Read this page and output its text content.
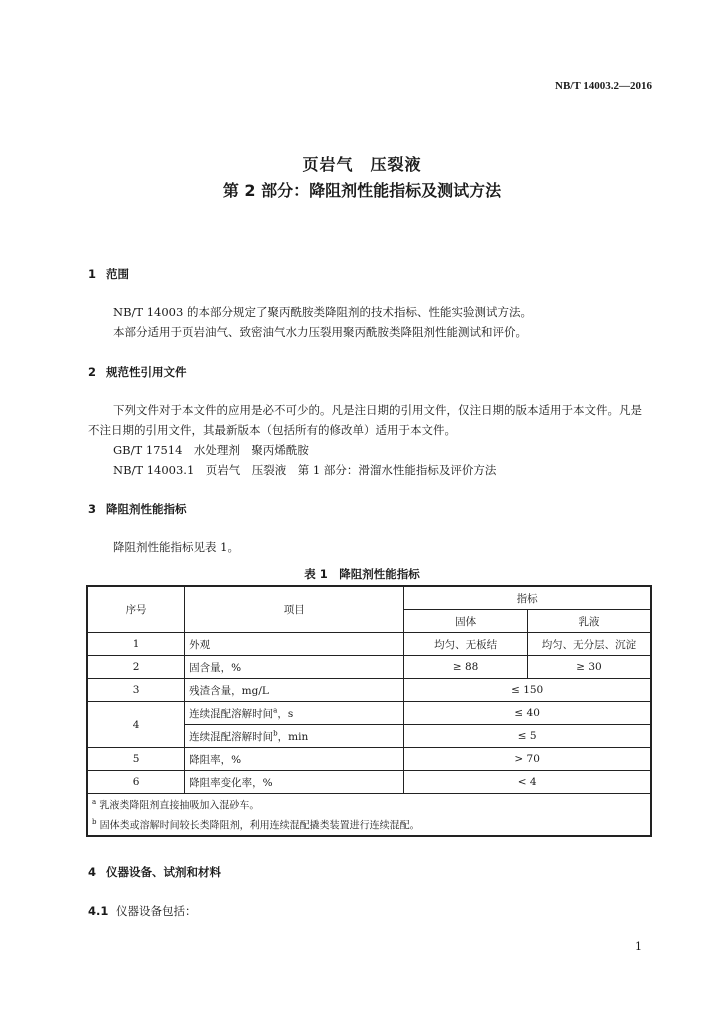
NB/T 14003.2—2016
页岩气　压裂液
第 2 部分：降阻剂性能指标及测试方法
1 范围
NB/T 14003 的本部分规定了聚丙酰胺类降阻剂的技术指标、性能实验测试方法。
本部分适用于页岩油气、致密油气水力压裂用聚丙酰胺类降阻剂性能测试和评价。
2 规范性引用文件
下列文件对于本文件的应用是必不可少的。凡是注日期的引用文件，仅注日期的版本适用于本文件。凡是不注日期的引用文件，其最新版本（包括所有的修改单）适用于本文件。
GB/T 17514　水处理剂　聚丙烯酰胺
NB/T 14003.1　页岩气　压裂液　第 1 部分：滑溜水性能指标及评价方法
3 降阻剂性能指标
降阻剂性能指标见表 1。
表 1　降阻剂性能指标
序号	项目	指标	
		固体	乳液
1	外观	均匀、无板结	均匀、无分层、沉淀
2	固含量，%	≥ 88	≥ 30
3	残渣含量，mg/L	≤ 150	
4	连续混配溶解时间$^a$，s	≤ 40	
	连续混配溶解时间$^b$，min	≤ 5	
5	降阻率，%	> 70	
6	降阻率变化率，%	< 4	

$^a$ 乳液类降阻剂直接抽吸加入混砂车。
$^b$ 固体类或溶解时间较长类降阻剂，利用连续混配撬类装置进行连续混配。			
4 仪器设备、试剂和材料
4.1 仪器设备包括：
1
